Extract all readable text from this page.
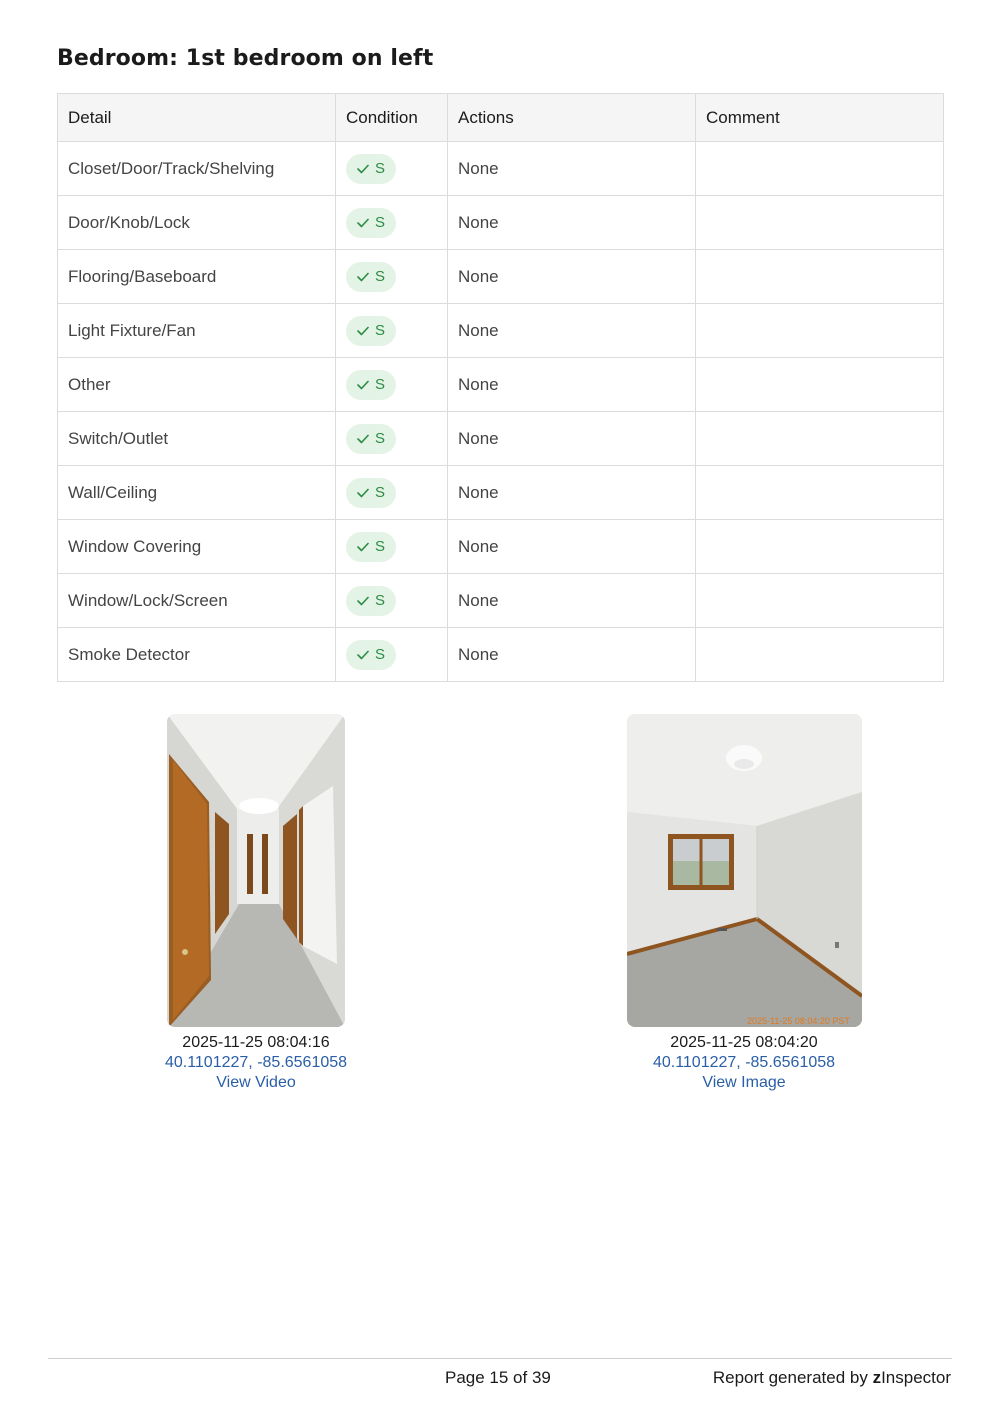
Bedroom: 1st bedroom on left
Detail	Condition	Actions	Comment
Closet/Door/Track/Shelving	S	None	
Door/Knob/Lock	S	None	
Flooring/Baseboard	S	None	
Light Fixture/Fan	S	None	
Other	S	None	
Switch/Outlet	S	None	
Wall/Ceiling	S	None	
Window Covering	S	None	
Window/Lock/Screen	S	None	
Smoke Detector	S	None	
2025-11-25 08:04:16
40.1101227, -85.6561058
View Video
2025-11-25 08:04:20 PST
2025-11-25 08:04:20
40.1101227, -85.6561058
View Image
Page 15 of 39	Report generated by zInspector
